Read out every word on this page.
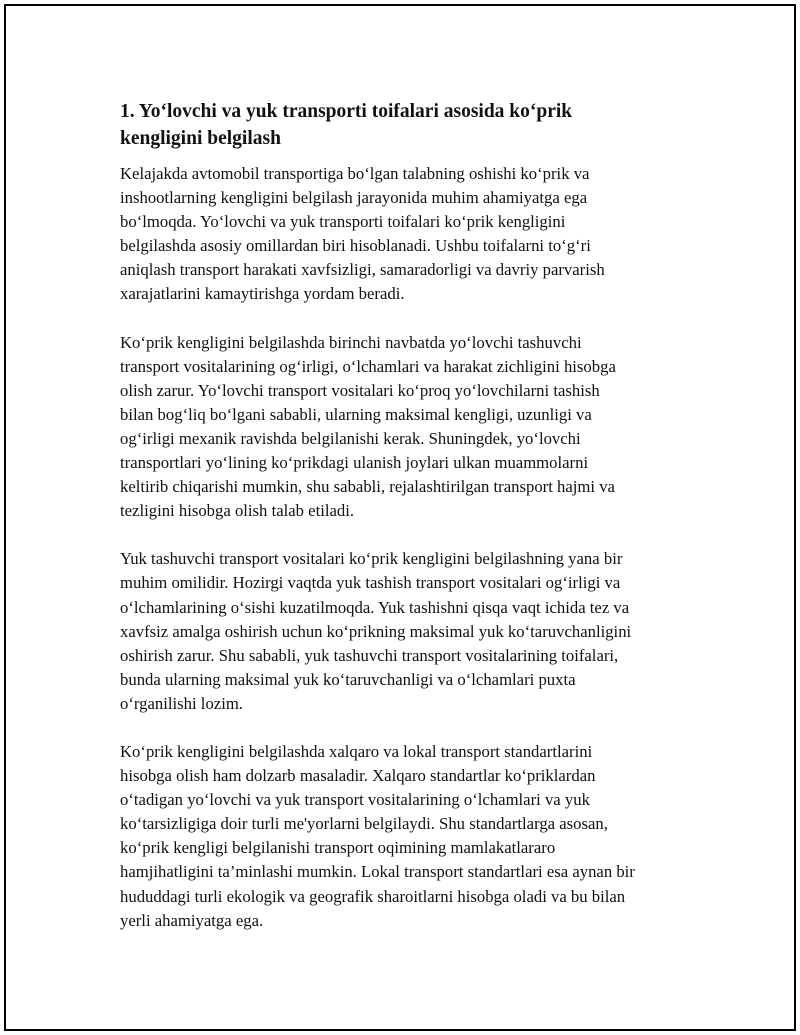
1. Yo‘lovchi va yuk transporti toifalari asosida ko‘prik
kengligini belgilash
Kelajakda avtomobil transportiga bo‘lgan talabning oshishi ko‘prik va
inshootlarning kengligini belgilash jarayonida muhim ahamiyatga ega
bo‘lmoqda. Yo‘lovchi va yuk transporti toifalari ko‘prik kengligini
belgilashda asosiy omillardan biri hisoblanadi. Ushbu toifalarni to‘g‘ri
aniqlash transport harakati xavfsizligi, samaradorligi va davriy parvarish
xarajatlarini kamaytirishga yordam beradi.
Ko‘prik kengligini belgilashda birinchi navbatda yo‘lovchi tashuvchi
transport vositalarining og‘irligi, o‘lchamlari va harakat zichligini hisobga
olish zarur. Yo‘lovchi transport vositalari ko‘proq yo‘lovchilarni tashish
bilan bog‘liq bo‘lgani sababli, ularning maksimal kengligi, uzunligi va
og‘irligi mexanik ravishda belgilanishi kerak. Shuningdek, yo‘lovchi
transportlari yo‘lining ko‘prikdagi ulanish joylari ulkan muammolarni
keltirib chiqarishi mumkin, shu sababli, rejalashtirilgan transport hajmi va
tezligini hisobga olish talab etiladi.
Yuk tashuvchi transport vositalari ko‘prik kengligini belgilashning yana bir
muhim omilidir. Hozirgi vaqtda yuk tashish transport vositalari og‘irligi va
o‘lchamlarining o‘sishi kuzatilmoqda. Yuk tashishni qisqa vaqt ichida tez va
xavfsiz amalga oshirish uchun ko‘prikning maksimal yuk ko‘taruvchanligini
oshirish zarur. Shu sababli, yuk tashuvchi transport vositalarining toifalari,
bunda ularning maksimal yuk ko‘taruvchanligi va o‘lchamlari puxta
o‘rganilishi lozim.
Ko‘prik kengligini belgilashda xalqaro va lokal transport standartlarini
hisobga olish ham dolzarb masaladir. Xalqaro standartlar ko‘priklardan
o‘tadigan yo‘lovchi va yuk transport vositalarining o‘lchamlari va yuk
ko‘tarsizligiga doir turli me'yorlarni belgilaydi. Shu standartlarga asosan,
ko‘prik kengligi belgilanishi transport oqimining mamlakatlararo
hamjihatligini ta’minlashi mumkin. Lokal transport standartlari esa aynan bir
hududdagi turli ekologik va geografik sharoitlarni hisobga oladi va bu bilan
yerli ahamiyatga ega.
